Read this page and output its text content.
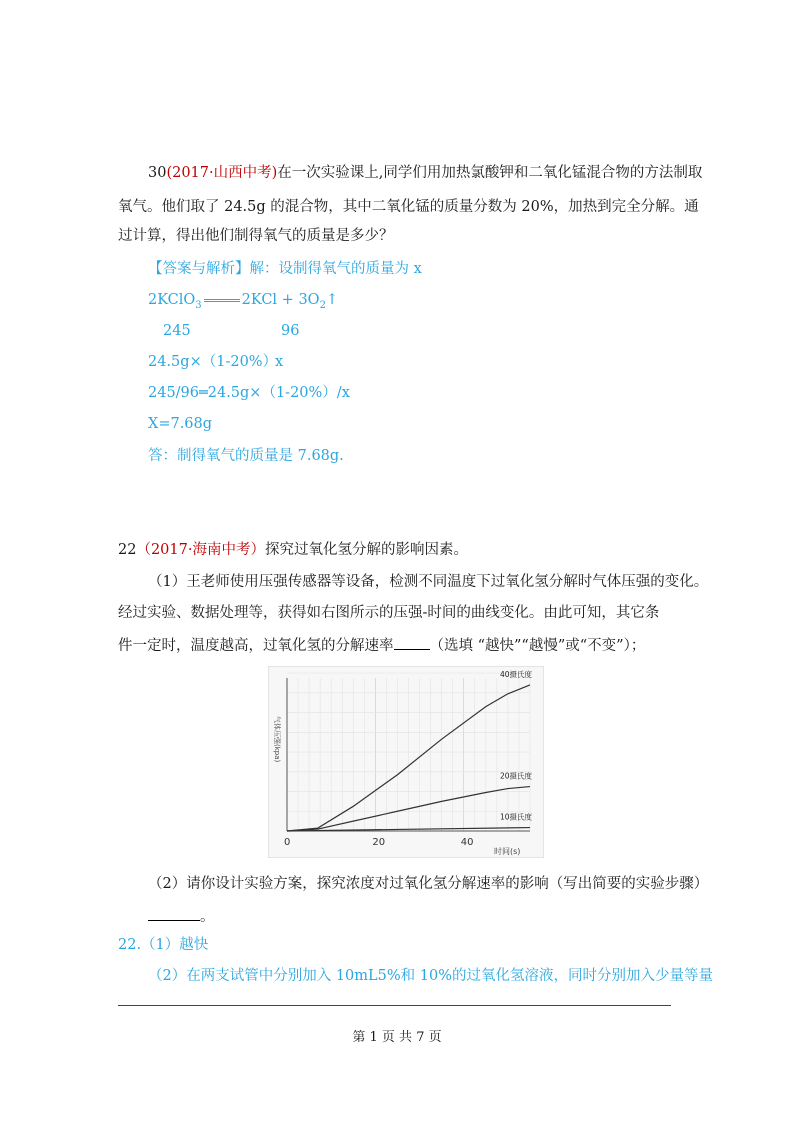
30(2017·山西中考)在一次实验课上,同学们用加热氯酸钾和二氧化锰混合物的方法制取
氧气。他们取了 24.5g 的混合物，其中二氧化锰的质量分数为 20%，加热到完全分解。通
过计算，得出他们制得氧气的质量是多少？
【答案与解析】解：设制得氧气的质量为 x
2KClO$_3$	$2KCl + 3O_2↑$
245	96
24.5g×（1-20%）
x
245/96═24.5g×（1-20%）/x
X=7.68g
答：制得氧气的质量是 7.68g.
22（2017·海南中考）探究过氧化氢分解的影响因素。
（1）王老师使用压强传感器等设备，检测不同温度下过氧化氢分解时气体压强的变化。
经过实验、数据处理等，获得如右图所示的压强-时间的曲线变化。由此可知，其它条
件一定时，温度越高，过氧化氢的分解速率 （选填 “越快”“越慢”或“不变”）；
0	20	40
40摄氏度
20摄氏度
10摄氏度
气体压强(kpa)
时间(s)
（2）请你设计实验方案，探究浓度对过氧化氢分解速率的影响（写出简要的实验步骤）
。
22.（1）越快
（2）在两支试管中分别加入 10mL5%和 10%的过氧化氢溶液，同时分别加入少量等量
第 1 页 共 7 页
